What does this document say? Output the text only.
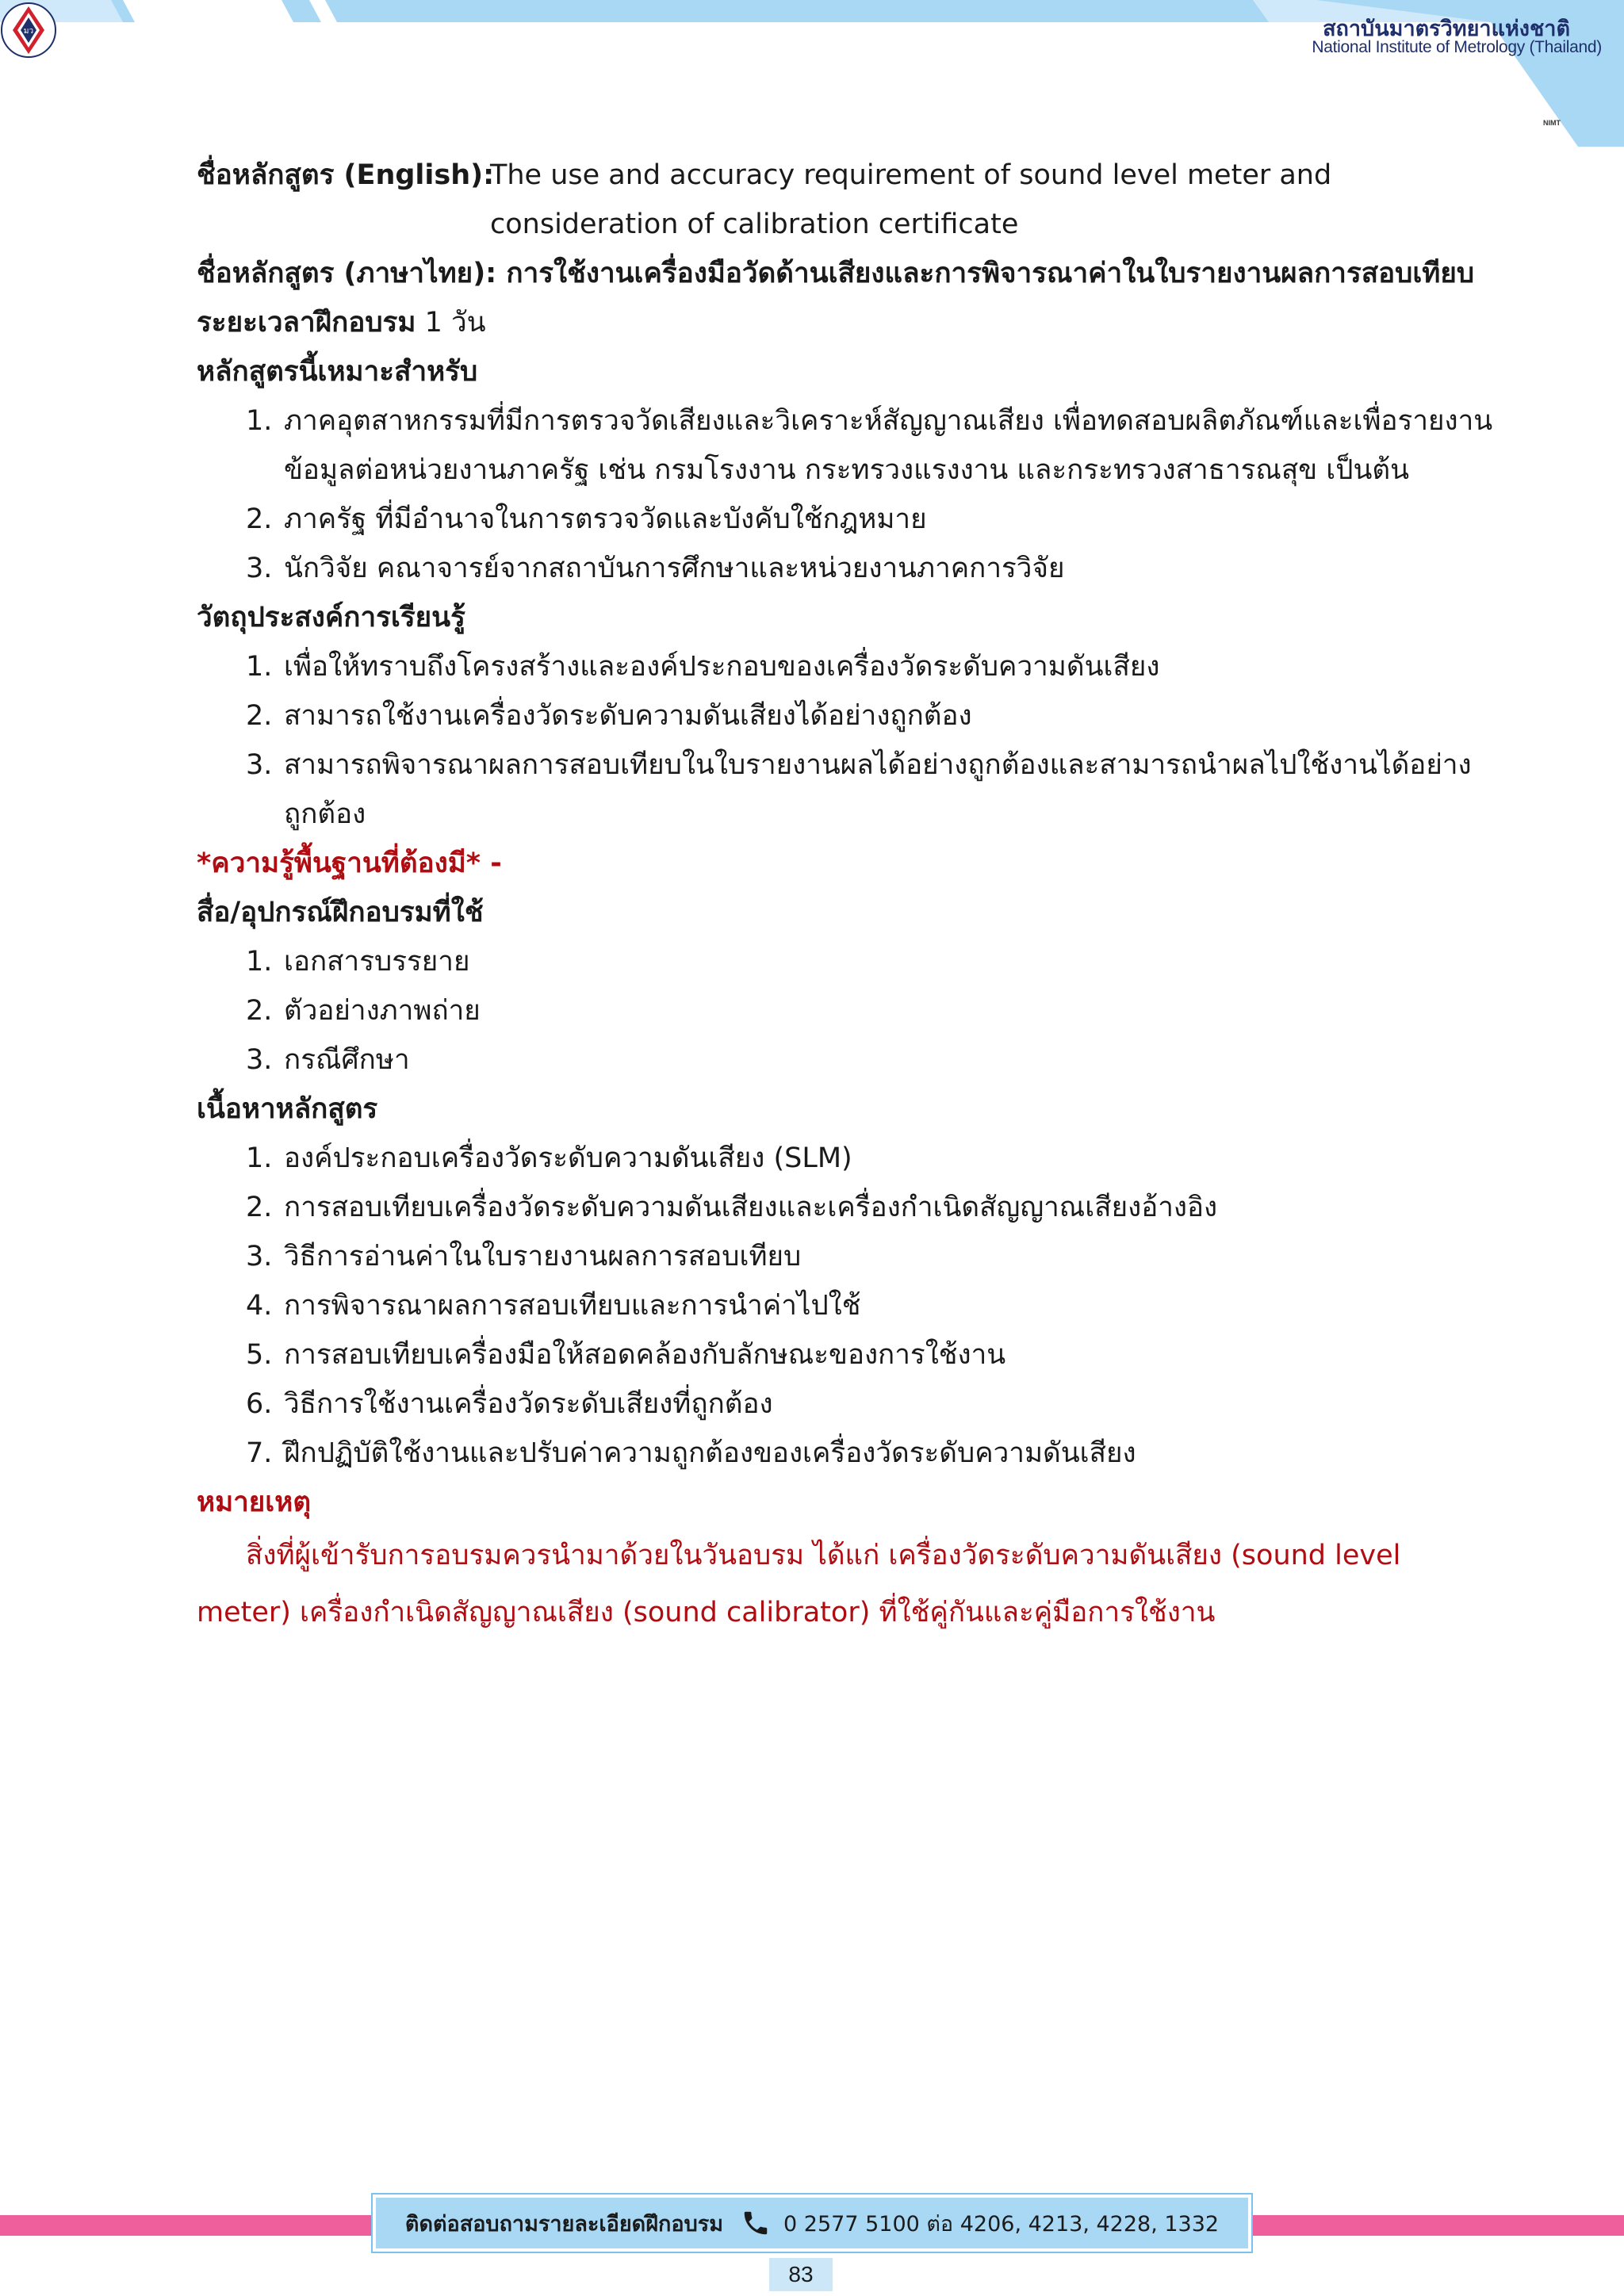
สถาบันมาตรวิทยาแห่งชาติ
National Institute of Metrology (Thailand)
มว
NIMT
ชื่อหลักสูตร (English):
The use and accuracy requirement of sound level meter and
consideration of calibration certificate
ชื่อหลักสูตร (ภาษาไทย): การใช้งานเครื่องมือวัดด้านเสียงและการพิจารณาค่าในใบรายงานผลการสอบเทียบ
ระยะเวลาฝึกอบรม 1 วัน
หลักสูตรนี้เหมาะสำหรับ
1. ภาคอุตสาหกรรมที่มีการตรวจวัดเสียงและวิเคราะห์สัญญาณเสียง เพื่อทดสอบผลิตภัณฑ์และเพื่อรายงาน
ข้อมูลต่อหน่วยงานภาครัฐ เช่น กรมโรงงาน กระทรวงแรงงาน และกระทรวงสาธารณสุข เป็นต้น
2. ภาครัฐ ที่มีอำนาจในการตรวจวัดและบังคับใช้กฎหมาย
3. นักวิจัย คณาจารย์จากสถาบันการศึกษาและหน่วยงานภาคการวิจัย
วัตถุประสงค์การเรียนรู้
1. เพื่อให้ทราบถึงโครงสร้างและองค์ประกอบของเครื่องวัดระดับความดันเสียง
2. สามารถใช้งานเครื่องวัดระดับความดันเสียงได้อย่างถูกต้อง
3. สามารถพิจารณาผลการสอบเทียบในใบรายงานผลได้อย่างถูกต้องและสามารถนำผลไปใช้งานได้อย่าง
ถูกต้อง
*ความรู้พื้นฐานที่ต้องมี* -
สื่อ/อุปกรณ์ฝึกอบรมที่ใช้
1. เอกสารบรรยาย
2. ตัวอย่างภาพถ่าย
3. กรณีศึกษา
เนื้อหาหลักสูตร
1. องค์ประกอบเครื่องวัดระดับความดันเสียง (SLM)
2. การสอบเทียบเครื่องวัดระดับความดันเสียงและเครื่องกำเนิดสัญญาณเสียงอ้างอิง
3. วิธีการอ่านค่าในใบรายงานผลการสอบเทียบ
4. การพิจารณาผลการสอบเทียบและการนำค่าไปใช้
5. การสอบเทียบเครื่องมือให้สอดคล้องกับลักษณะของการใช้งาน
6. วิธีการใช้งานเครื่องวัดระดับเสียงที่ถูกต้อง
7. ฝึกปฏิบัติใช้งานและปรับค่าความถูกต้องของเครื่องวัดระดับความดันเสียง
หมายเหตุ
สิ่งที่ผู้เข้ารับการอบรมควรนำมาด้วยในวันอบรม ได้แก่ เครื่องวัดระดับความดันเสียง (sound level
meter) เครื่องกำเนิดสัญญาณเสียง (sound calibrator) ที่ใช้คู่กันและคู่มือการใช้งาน
ติดต่อสอบถามรายละเอียดฝึกอบรม	0 2577 5100 ต่อ 4206, 4213, 4228, 1332
83
